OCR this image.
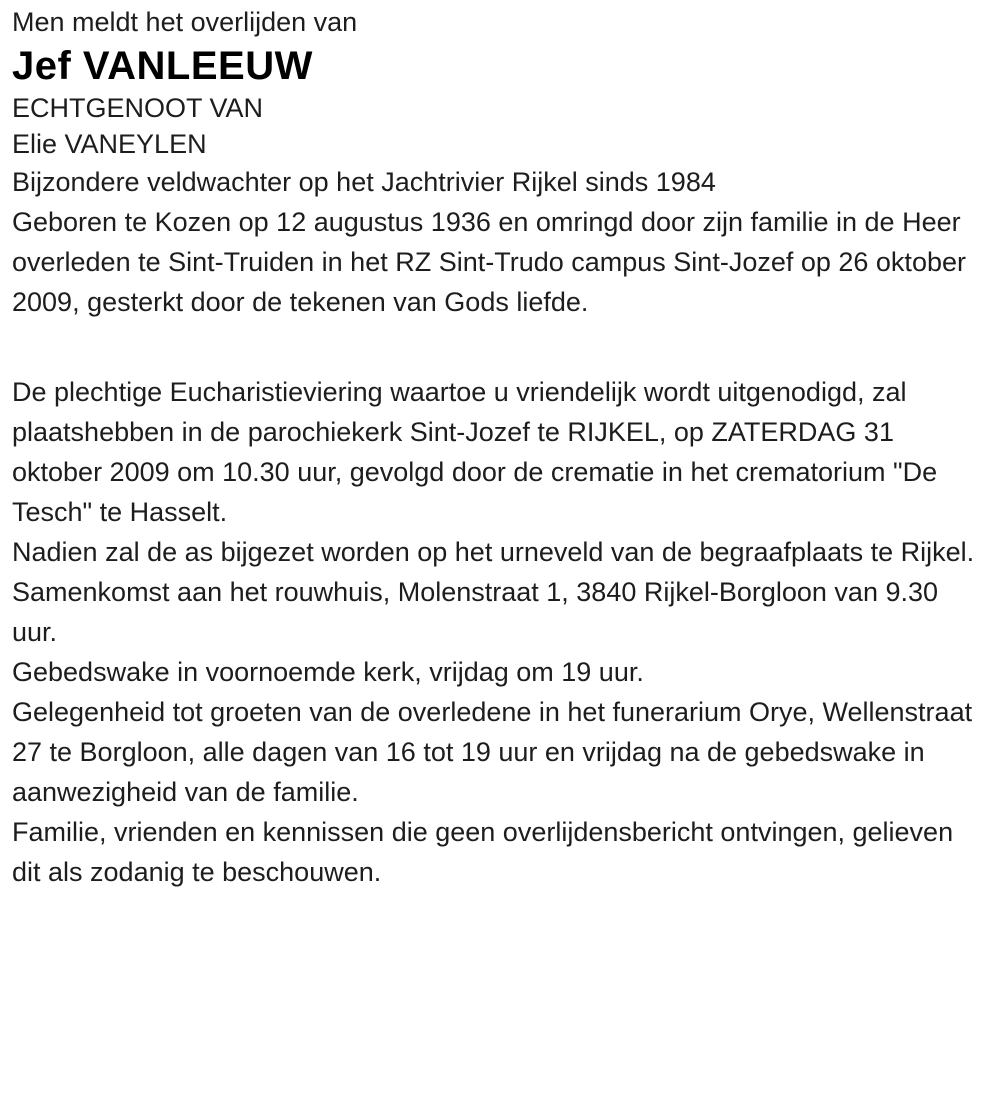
Men meldt het overlijden van

Jef VANLEEUW

ECHTGENOOT VAN

Elie VANEYLEN

Bijzondere veldwachter op het Jachtrivier Rijkel sinds 1984

Geboren te Kozen op 12 augustus 1936 en omringd door zijn familie in de Heer overleden te Sint-Truiden in het RZ Sint-Trudo campus Sint-Jozef op 26 oktober 2009, gesterkt door de tekenen van Gods liefde.

De plechtige Eucharistieviering waartoe u vriendelijk wordt uitgenodigd, zal plaatshebben in de parochiekerk Sint-Jozef te RIJKEL, op ZATERDAG 31 oktober 2009 om 10.30 uur, gevolgd door de crematie in het crematorium "De Tesch" te Hasselt.

Nadien zal de as bijgezet worden op het urneveld van de begraafplaats te Rijkel.

Samenkomst aan het rouwhuis, Molenstraat 1, 3840 Rijkel-Borgloon van 9.30 uur.

Gebedswake in voornoemde kerk, vrijdag om 19 uur.

Gelegenheid tot groeten van de overledene in het funerarium Orye, Wellenstraat 27 te Borgloon, alle dagen van 16 tot 19 uur en vrijdag na de gebedswake in aanwezigheid van de familie.

Familie, vrienden en kennissen die geen overlijdensbericht ontvingen, gelieven dit als zodanig te beschouwen.
